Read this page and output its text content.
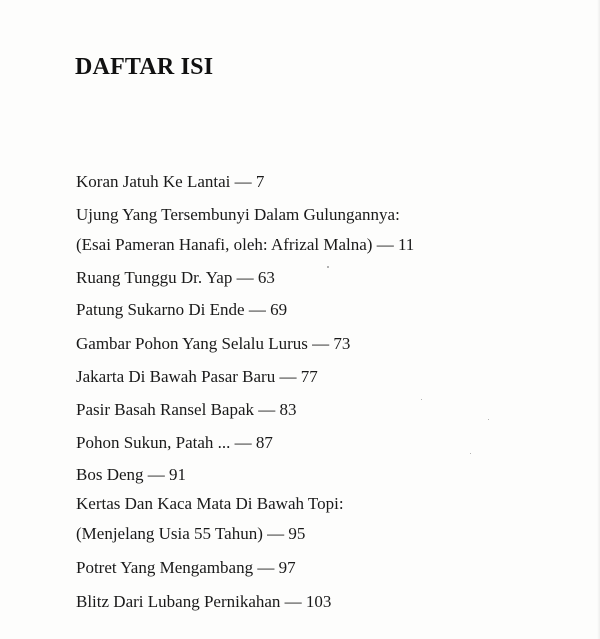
DAFTAR ISI
Koran Jatuh Ke Lantai — 7
Ujung Yang Tersembunyi Dalam Gulungannya:
(Esai Pameran Hanafi, oleh: Afrizal Malna) — 11
Ruang Tunggu Dr. Yap — 63
Patung Sukarno Di Ende — 69
Gambar Pohon Yang Selalu Lurus — 73
Jakarta Di Bawah Pasar Baru — 77
Pasir Basah Ransel Bapak — 83
Pohon Sukun, Patah ... — 87
Bos Deng — 91
Kertas Dan Kaca Mata Di Bawah Topi:
(Menjelang Usia 55 Tahun) — 95
Potret Yang Mengambang — 97
Blitz Dari Lubang Pernikahan — 103
